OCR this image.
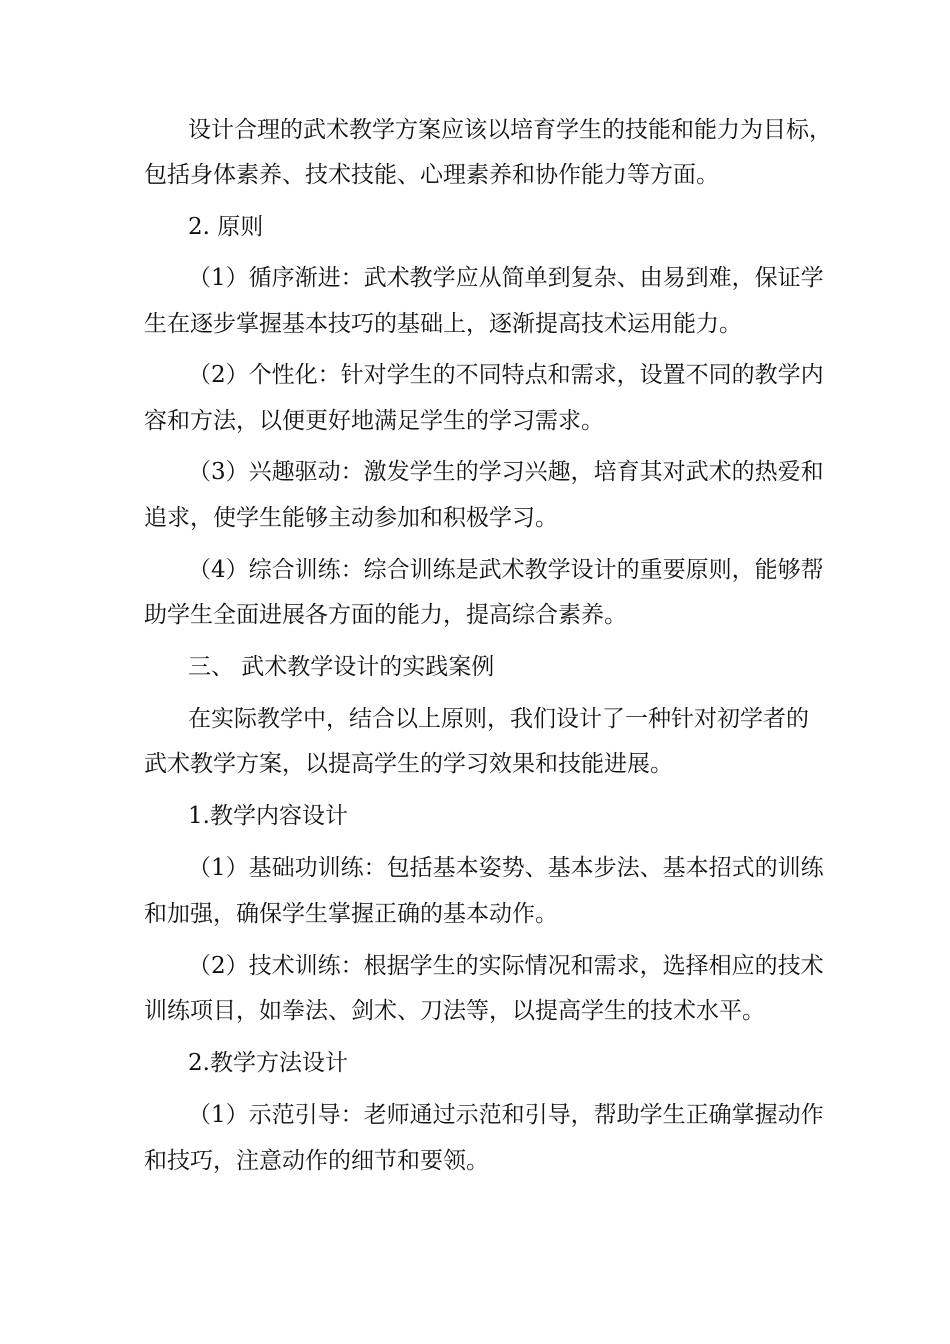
设计合理的武术教学方案应该以培育学生的技能和能力为目标，
包括身体素养、技术技能、心理素养和协作能力等方面。
2. 原则
（1）循序渐进：武术教学应从简单到复杂、由易到难，保证学
生在逐步掌握基本技巧的基础上，逐渐提高技术运用能力。
（2）个性化：针对学生的不同特点和需求，设置不同的教学内
容和方法，以便更好地满足学生的学习需求。
（3）兴趣驱动：激发学生的学习兴趣，培育其对武术的热爱和
追求，使学生能够主动参加和积极学习。
（4）综合训练：综合训练是武术教学设计的重要原则，能够帮
助学生全面进展各方面的能力，提高综合素养。
三、 武术教学设计的实践案例
在实际教学中，结合以上原则，我们设计了一种针对初学者的
武术教学方案，以提高学生的学习效果和技能进展。
1.教学内容设计
（1）基础功训练：包括基本姿势、基本步法、基本招式的训练
和加强，确保学生掌握正确的基本动作。
（2）技术训练：根据学生的实际情况和需求，选择相应的技术
训练项目，如拳法、剑术、刀法等，以提高学生的技术水平。
2.教学方法设计
（1）示范引导：老师通过示范和引导，帮助学生正确掌握动作
和技巧，注意动作的细节和要领。
